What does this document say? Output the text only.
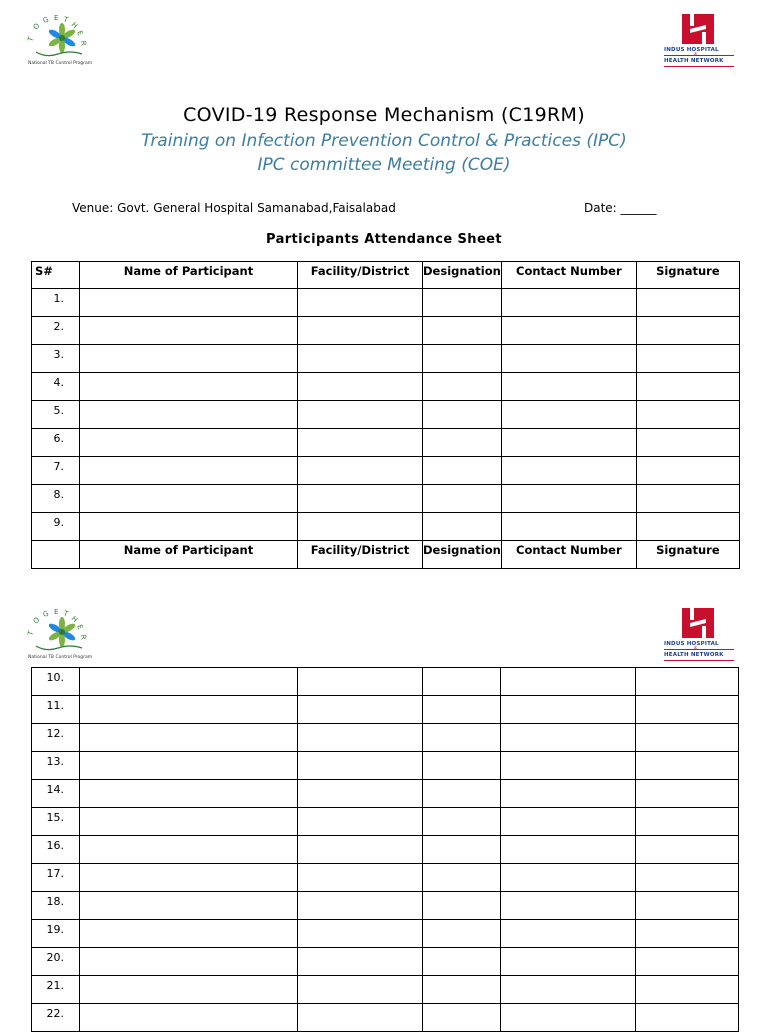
T
O
G E T
H
E
R
National TB Control Program
INDUS HOSPITAL
&
HEALTH NETWORK
COVID-19 Response Mechanism (C19RM)
Training on Infection Prevention Control & Practices (IPC)
IPC committee Meeting (COE)
Venue: Govt. General Hospital Samanabad,Faisalabad	Date: ______
Participants Attendance Sheet
S#	Name of Participant	Facility/District	Designation	Contact Number	Signature
1.					
2.					
3.					
4.					
5.					
6.					
7.					
8.					
9.					
	Name of Participant	Facility/District	Designation	Contact Number	Signature
T
O
G E T
H
E
R
National TB Control Program
INDUS HOSPITAL
&
HEALTH NETWORK
10.					
11.					
12.					
13.					
14.					
15.					
16.					
17.					
18.					
19.					
20.					
21.					
22.					
